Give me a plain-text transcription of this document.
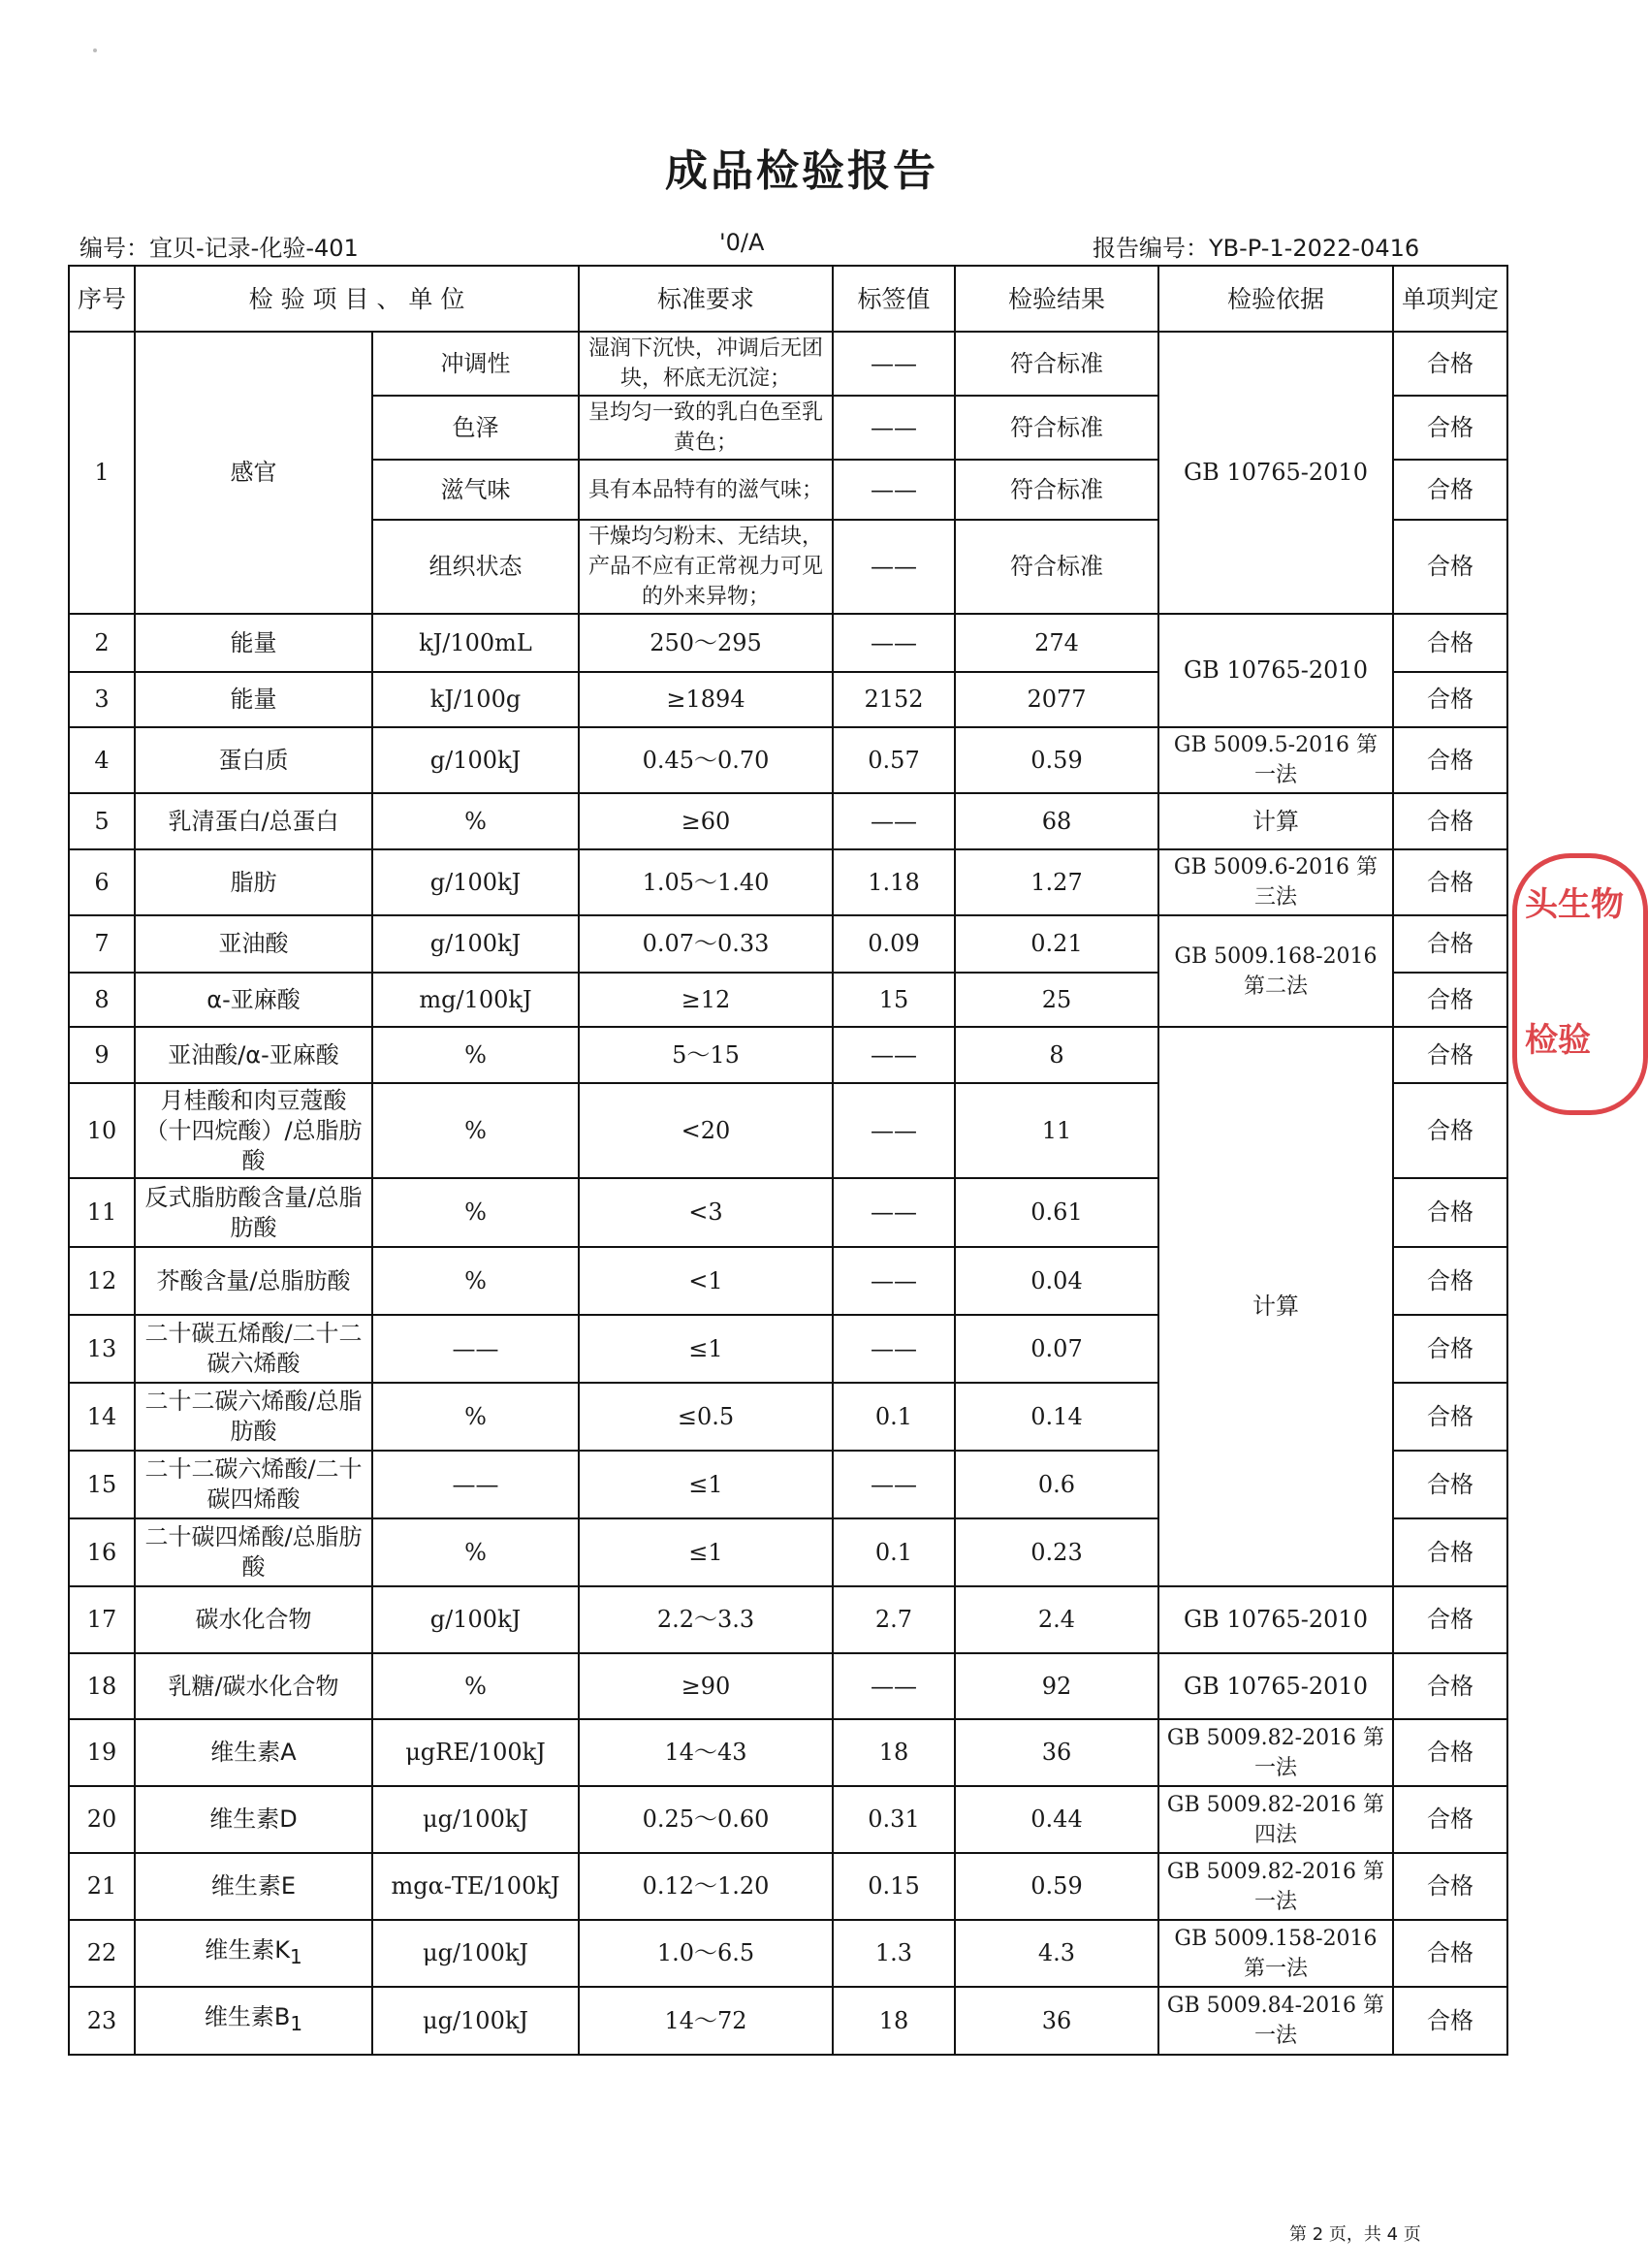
成品检验报告
编号：宜贝-记录-化验-401	'0/A	报告编号：YB-P-1-2022-0416
序号	检 验 项 目 、 单 位		标准要求	标签值	检验结果	检验依据	单项判定
1	感官	冲调性	湿润下沉快，冲调后无团块，杯底无沉淀；	——	符合标准	GB 10765-2010	合格
		色泽	呈均匀一致的乳白色至乳黄色；	——	符合标准		合格
		滋气味	具有本品特有的滋气味；	——	符合标准		合格
		组织状态	干燥均匀粉末、无结块，产品不应有正常视力可见的外来异物；	——	符合标准		合格
2	能量	kJ/100mL	250～295	——	274	GB 10765-2010	合格
3	能量	kJ/100g	≥1894	2152	2077		合格
4	蛋白质	g/100kJ	0.45～0.70	0.57	0.59	GB 5009.5-2016 第一法	合格
5	乳清蛋白/总蛋白	%	≥60	——	68	计算	合格
6	脂肪	g/100kJ	1.05～1.40	1.18	1.27	GB 5009.6-2016 第三法	合格
7	亚油酸	g/100kJ	0.07～0.33	0.09	0.21	GB 5009.168-2016 第二法	合格
8	α-亚麻酸	mg/100kJ	≥12	15	25		合格
9	亚油酸/α-亚麻酸	%	5～15	——	8	计算	合格
10	月桂酸和肉豆蔻酸（十四烷酸）/总脂肪酸	%	<20	——	11		合格
11	反式脂肪酸含量/总脂肪酸	%	<3	——	0.61		合格
12	芥酸含量/总脂肪酸	%	<1	——	0.04		合格
13	二十碳五烯酸/二十二碳六烯酸	——	≤1	——	0.07		合格
14	二十二碳六烯酸/总脂肪酸	%	≤0.5	0.1	0.14		合格
15	二十二碳六烯酸/二十碳四烯酸	——	≤1	——	0.6		合格
16	二十碳四烯酸/总脂肪酸	%	≤1	0.1	0.23		合格
17	碳水化合物	g/100kJ	2.2～3.3	2.7	2.4	GB 10765-2010	合格
18	乳糖/碳水化合物	%	≥90	——	92	GB 10765-2010	合格
19	维生素A	μgRE/100kJ	14～43	18	36	GB 5009.82-2016 第一法	合格
20	维生素D	μg/100kJ	0.25～0.60	0.31	0.44	GB 5009.82-2016 第四法	合格
21	维生素E	mgα-TE/100kJ	0.12～1.20	0.15	0.59	GB 5009.82-2016 第一法	合格
22	维生素$K_1$	μg/100kJ	1.0～6.5	1.3	4.3	GB 5009.158-2016 第一法	合格
23	维生素$B_1$	μg/100kJ	14～72	18	36	GB 5009.84-2016 第一法	合格
头生物
检验
第 2 页，共 4 页
